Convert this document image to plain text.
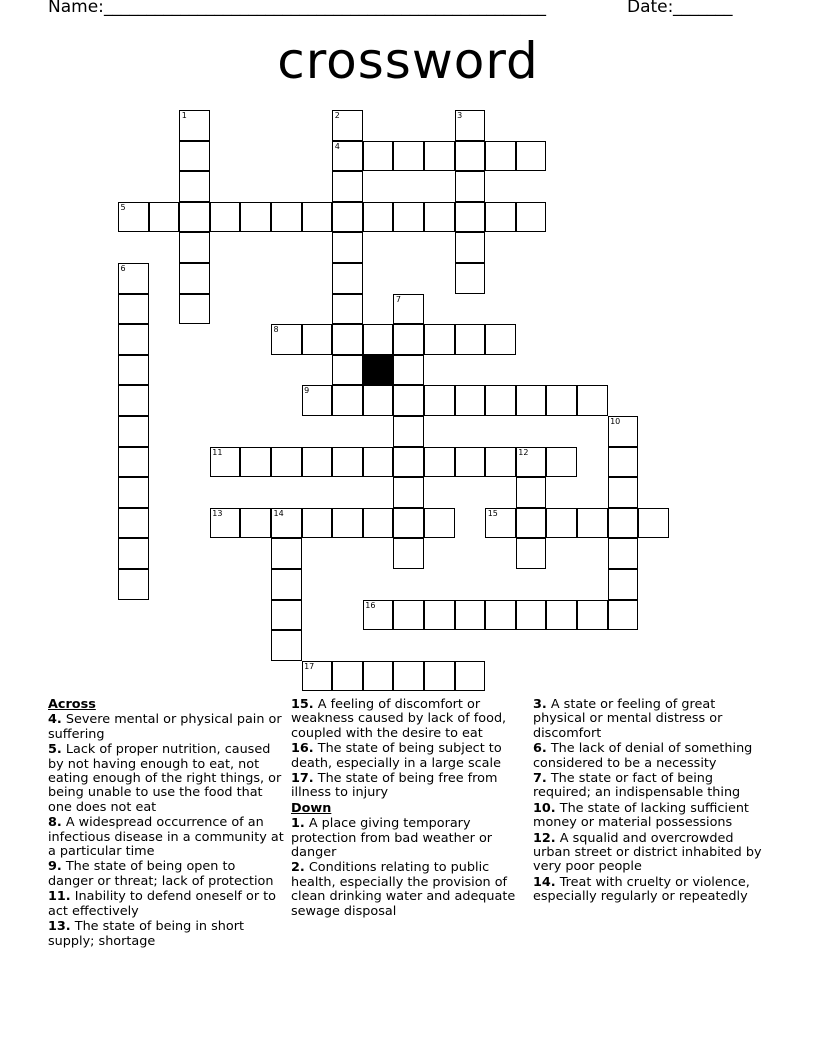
Name:
____________________________________________________	Date:
_______
crossword
1	2
4
3
5
6
7
8
9
10
11	12
13	14	15
16
17
Across
4. Severe mental or physical pain or suffering
5. Lack of proper nutrition, caused by not having enough to eat, not eating enough of the right things, or being unable to use the food that one does not eat
8. A widespread occurrence of an infectious disease in a community at a particular time
9. The state of being open to danger or threat; lack of protection
11. Inability to defend oneself or to act effectively
13. The state of being in short supply; shortage
15. A feeling of discomfort or weakness caused by lack of food, coupled with the desire to eat
16. The state of being subject to death, especially in a large scale
17. The state of being free from illness to injury
Down
1. A place giving temporary protection from bad weather or danger
2. Conditions relating to public health, especially the provision of clean drinking water and adequate sewage disposal
3. A state or feeling of great physical or mental distress or discomfort
6. The lack of denial of something considered to be a necessity
7. The state or fact of being required; an indispensable thing
10. The state of lacking sufficient money or material possessions
12. A squalid and overcrowded urban street or district inhabited by very poor people
14. Treat with cruelty or violence, especially regularly or repeatedly
